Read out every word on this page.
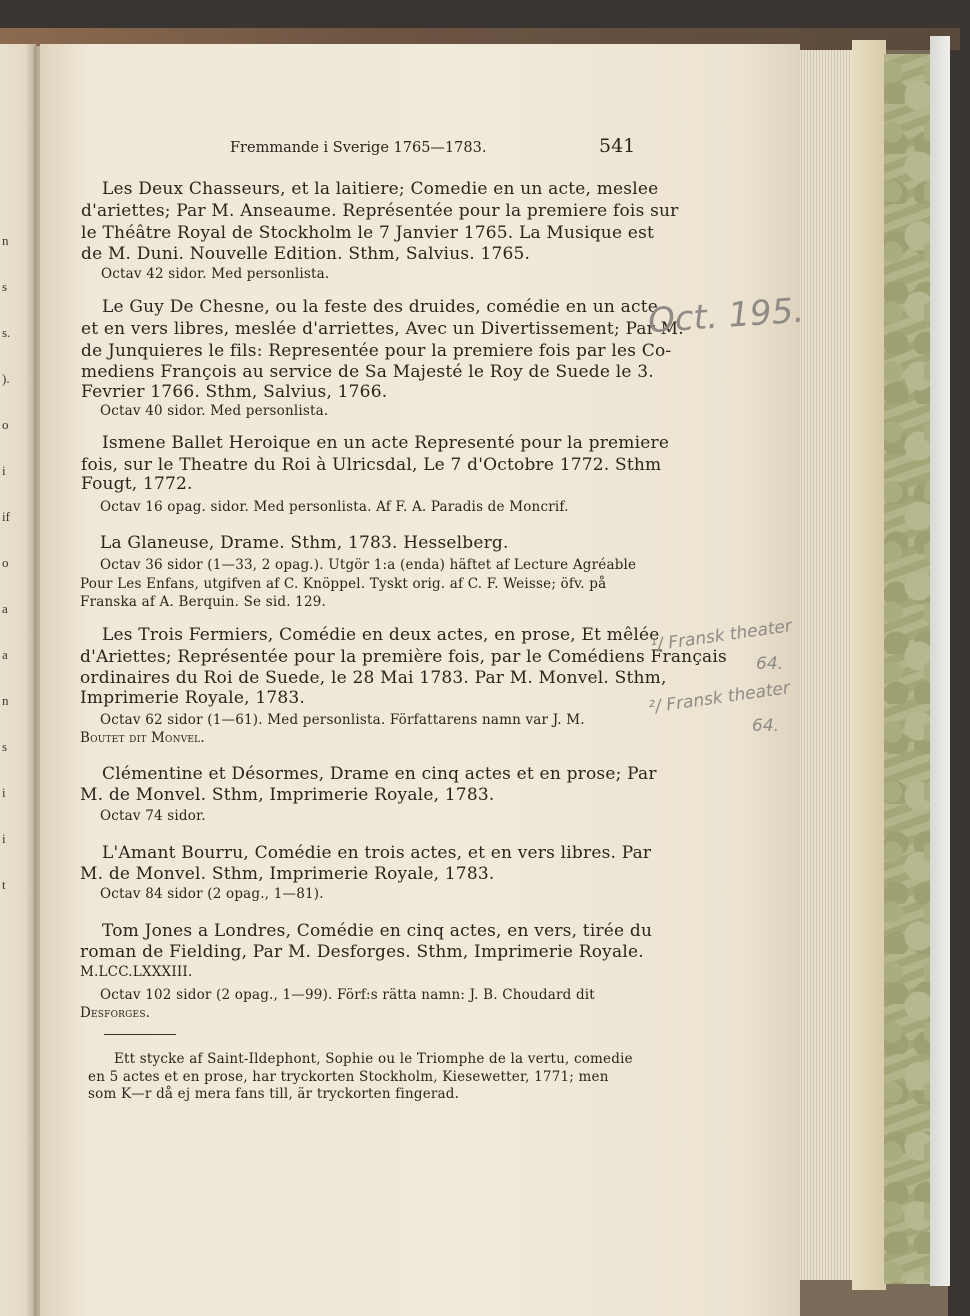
n
s
s.
).
o
i
if
o
a
a
n
s
i
i
t
Fremmande i Sverige 1765—1783.	541
Les Deux Chasseurs, et la laitiere; Comedie en un acte, meslee
d'ariettes; Par M. Anseaume. Représentée pour la premiere fois sur
le Théâtre Royal de Stockholm le 7 Janvier 1765. La Musique est
de M. Duni. Nouvelle Edition. Sthm, Salvius. 1765.
Octav 42 sidor. Med personlista.
Le Guy De Chesne, ou la feste des druides, comédie en un acte
et en vers libres, meslée d'arriettes, Avec un Divertissement; Par M.
de Junquieres le fils: Representée pour la premiere fois par les Co-
mediens François au service de Sa Majesté le Roy de Suede le 3.
Fevrier 1766. Sthm, Salvius, 1766.
Octav 40 sidor. Med personlista.
Ismene Ballet Heroique en un acte Representé pour la premiere
fois, sur le Theatre du Roi à Ulricsdal, Le 7 d'Octobre 1772. Sthm
Fougt, 1772.
Octav 16 opag. sidor. Med personlista. Af F. A. Paradis de Moncrif.
La Glaneuse, Drame. Sthm, 1783. Hesselberg.
Octav 36 sidor (1—33, 2 opag.). Utgör 1:a (enda) häftet af Lecture Agréable
Pour Les Enfans, utgifven af C. Knöppel. Tyskt orig. af C. F. Weisse; öfv. på
Franska af A. Berquin. Se sid. 129.
Les Trois Fermiers, Comédie en deux actes, en prose, Et mêlée
d'Ariettes; Représentée pour la première fois, par le Comédiens Français
ordinaires du Roi de Suede, le 28 Mai 1783. Par M. Monvel. Sthm,
Imprimerie Royale, 1783.
Octav 62 sidor (1—61). Med personlista. Författarens namn var J. M.
Boutet dit Monvel.
Clémentine et Désormes, Drame en cinq actes et en prose; Par
M. de Monvel. Sthm, Imprimerie Royale, 1783.
Octav 74 sidor.
L'Amant Bourru, Comédie en trois actes, et en vers libres. Par
M. de Monvel. Sthm, Imprimerie Royale, 1783.
Octav 84 sidor (2 opag., 1—81).
Tom Jones a Londres, Comédie en cinq actes, en vers, tirée du
roman de Fielding, Par M. Desforges. Sthm, Imprimerie Royale.
M.LCC.LXXXIII.
Octav 102 sidor (2 opag., 1—99). Förf:s rätta namn: J. B. Choudard dit
Desforges.
Ett stycke af Saint-Ildephont, Sophie ou le Triomphe de la vertu, comedie
en 5 actes et en prose, har tryckorten Stockholm, Kiesewetter, 1771; men
som K—r då ej mera fans till, är tryckorten fingerad.
Oct. 195.
¹/ Fransk theater
64.
²/ Fransk theater
64.
